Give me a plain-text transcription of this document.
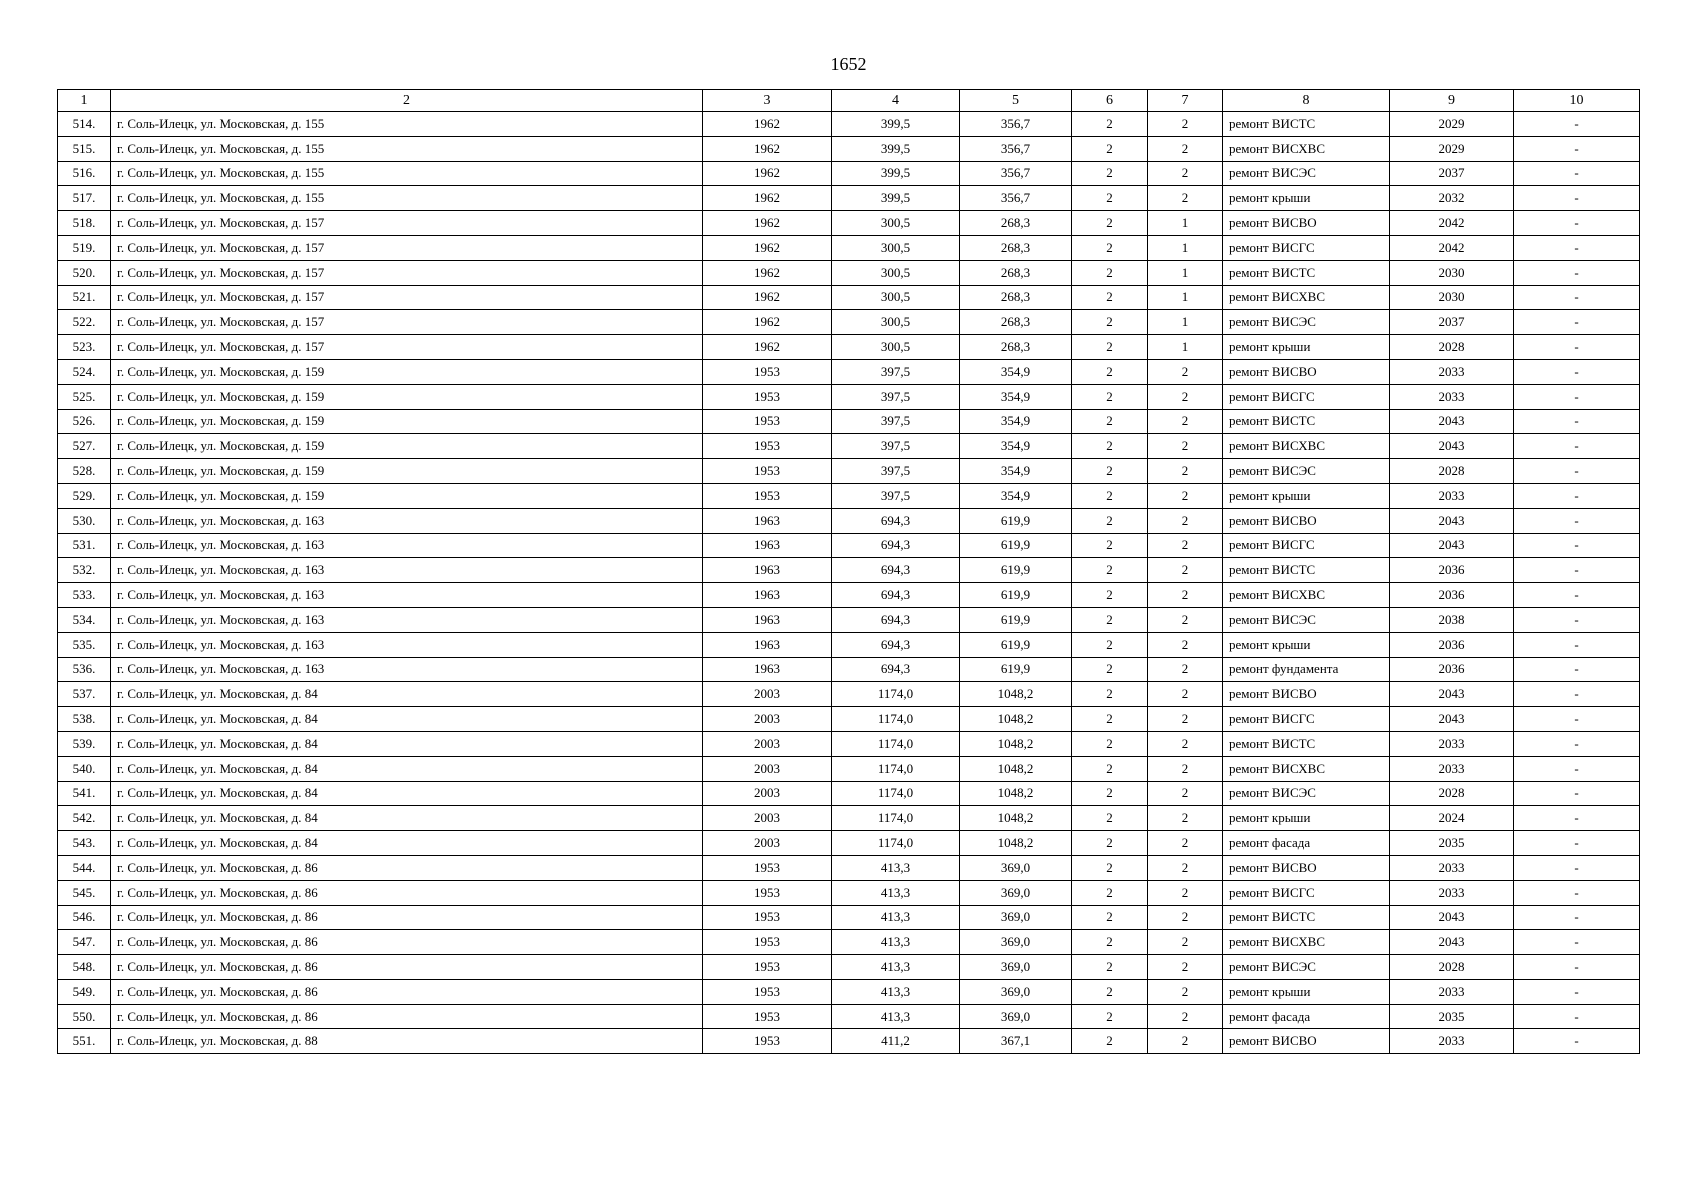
1652
1	2	3	4	5	6	7	8	9	10
514.	г. Соль-Илецк, ул. Московская, д. 155	1962	399,5	356,7	2	2	ремонт ВИСТС	2029	-
515.	г. Соль-Илецк, ул. Московская, д. 155	1962	399,5	356,7	2	2	ремонт ВИСХВС	2029	-
516.	г. Соль-Илецк, ул. Московская, д. 155	1962	399,5	356,7	2	2	ремонт ВИСЭС	2037	-
517.	г. Соль-Илецк, ул. Московская, д. 155	1962	399,5	356,7	2	2	ремонт крыши	2032	-
518.	г. Соль-Илецк, ул. Московская, д. 157	1962	300,5	268,3	2	1	ремонт ВИСВО	2042	-
519.	г. Соль-Илецк, ул. Московская, д. 157	1962	300,5	268,3	2	1	ремонт ВИСГС	2042	-
520.	г. Соль-Илецк, ул. Московская, д. 157	1962	300,5	268,3	2	1	ремонт ВИСТС	2030	-
521.	г. Соль-Илецк, ул. Московская, д. 157	1962	300,5	268,3	2	1	ремонт ВИСХВС	2030	-
522.	г. Соль-Илецк, ул. Московская, д. 157	1962	300,5	268,3	2	1	ремонт ВИСЭС	2037	-
523.	г. Соль-Илецк, ул. Московская, д. 157	1962	300,5	268,3	2	1	ремонт крыши	2028	-
524.	г. Соль-Илецк, ул. Московская, д. 159	1953	397,5	354,9	2	2	ремонт ВИСВО	2033	-
525.	г. Соль-Илецк, ул. Московская, д. 159	1953	397,5	354,9	2	2	ремонт ВИСГС	2033	-
526.	г. Соль-Илецк, ул. Московская, д. 159	1953	397,5	354,9	2	2	ремонт ВИСТС	2043	-
527.	г. Соль-Илецк, ул. Московская, д. 159	1953	397,5	354,9	2	2	ремонт ВИСХВС	2043	-
528.	г. Соль-Илецк, ул. Московская, д. 159	1953	397,5	354,9	2	2	ремонт ВИСЭС	2028	-
529.	г. Соль-Илецк, ул. Московская, д. 159	1953	397,5	354,9	2	2	ремонт крыши	2033	-
530.	г. Соль-Илецк, ул. Московская, д. 163	1963	694,3	619,9	2	2	ремонт ВИСВО	2043	-
531.	г. Соль-Илецк, ул. Московская, д. 163	1963	694,3	619,9	2	2	ремонт ВИСГС	2043	-
532.	г. Соль-Илецк, ул. Московская, д. 163	1963	694,3	619,9	2	2	ремонт ВИСТС	2036	-
533.	г. Соль-Илецк, ул. Московская, д. 163	1963	694,3	619,9	2	2	ремонт ВИСХВС	2036	-
534.	г. Соль-Илецк, ул. Московская, д. 163	1963	694,3	619,9	2	2	ремонт ВИСЭС	2038	-
535.	г. Соль-Илецк, ул. Московская, д. 163	1963	694,3	619,9	2	2	ремонт крыши	2036	-
536.	г. Соль-Илецк, ул. Московская, д. 163	1963	694,3	619,9	2	2	ремонт фундамента	2036	-
537.	г. Соль-Илецк, ул. Московская, д. 84	2003	1174,0	1048,2	2	2	ремонт ВИСВО	2043	-
538.	г. Соль-Илецк, ул. Московская, д. 84	2003	1174,0	1048,2	2	2	ремонт ВИСГС	2043	-
539.	г. Соль-Илецк, ул. Московская, д. 84	2003	1174,0	1048,2	2	2	ремонт ВИСТС	2033	-
540.	г. Соль-Илецк, ул. Московская, д. 84	2003	1174,0	1048,2	2	2	ремонт ВИСХВС	2033	-
541.	г. Соль-Илецк, ул. Московская, д. 84	2003	1174,0	1048,2	2	2	ремонт ВИСЭС	2028	-
542.	г. Соль-Илецк, ул. Московская, д. 84	2003	1174,0	1048,2	2	2	ремонт крыши	2024	-
543.	г. Соль-Илецк, ул. Московская, д. 84	2003	1174,0	1048,2	2	2	ремонт фасада	2035	-
544.	г. Соль-Илецк, ул. Московская, д. 86	1953	413,3	369,0	2	2	ремонт ВИСВО	2033	-
545.	г. Соль-Илецк, ул. Московская, д. 86	1953	413,3	369,0	2	2	ремонт ВИСГС	2033	-
546.	г. Соль-Илецк, ул. Московская, д. 86	1953	413,3	369,0	2	2	ремонт ВИСТС	2043	-
547.	г. Соль-Илецк, ул. Московская, д. 86	1953	413,3	369,0	2	2	ремонт ВИСХВС	2043	-
548.	г. Соль-Илецк, ул. Московская, д. 86	1953	413,3	369,0	2	2	ремонт ВИСЭС	2028	-
549.	г. Соль-Илецк, ул. Московская, д. 86	1953	413,3	369,0	2	2	ремонт крыши	2033	-
550.	г. Соль-Илецк, ул. Московская, д. 86	1953	413,3	369,0	2	2	ремонт фасада	2035	-
551.	г. Соль-Илецк, ул. Московская, д. 88	1953	411,2	367,1	2	2	ремонт ВИСВО	2033	-
